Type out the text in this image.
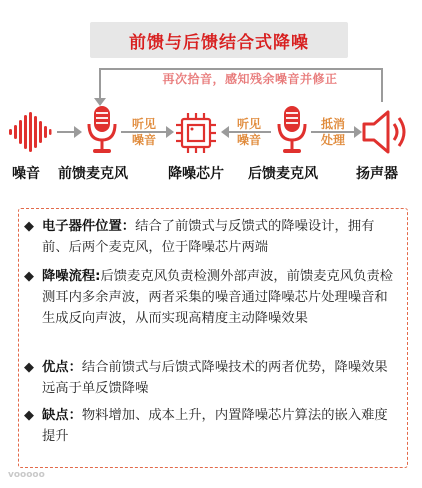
前馈与后馈结合式降噪
再次拾音，感知残余噪音并修正
噪音 前馈麦克风
听见
噪音
降噪芯片
听见
噪音
后馈麦克风
抵消
处理
扬声器
◆ 电子器件位置：结合了前馈式与反馈式的降噪设计，拥有前、后两个麦克风，位于降噪芯片两端
◆ 降噪流程:后馈麦克风负责检测外部声波，前馈麦克风负责检测耳内多余声波，两者采集的噪音通过降噪芯片处理噪音和生成反向声波，从而实现高精度主动降噪效果
◆ 优点：结合前馈式与后馈式降噪技术的两者优势，降噪效果远高于单反馈降噪
◆ 缺点：物料增加、成本上升，内置降噪芯片算法的嵌入难度提升
vooooo
